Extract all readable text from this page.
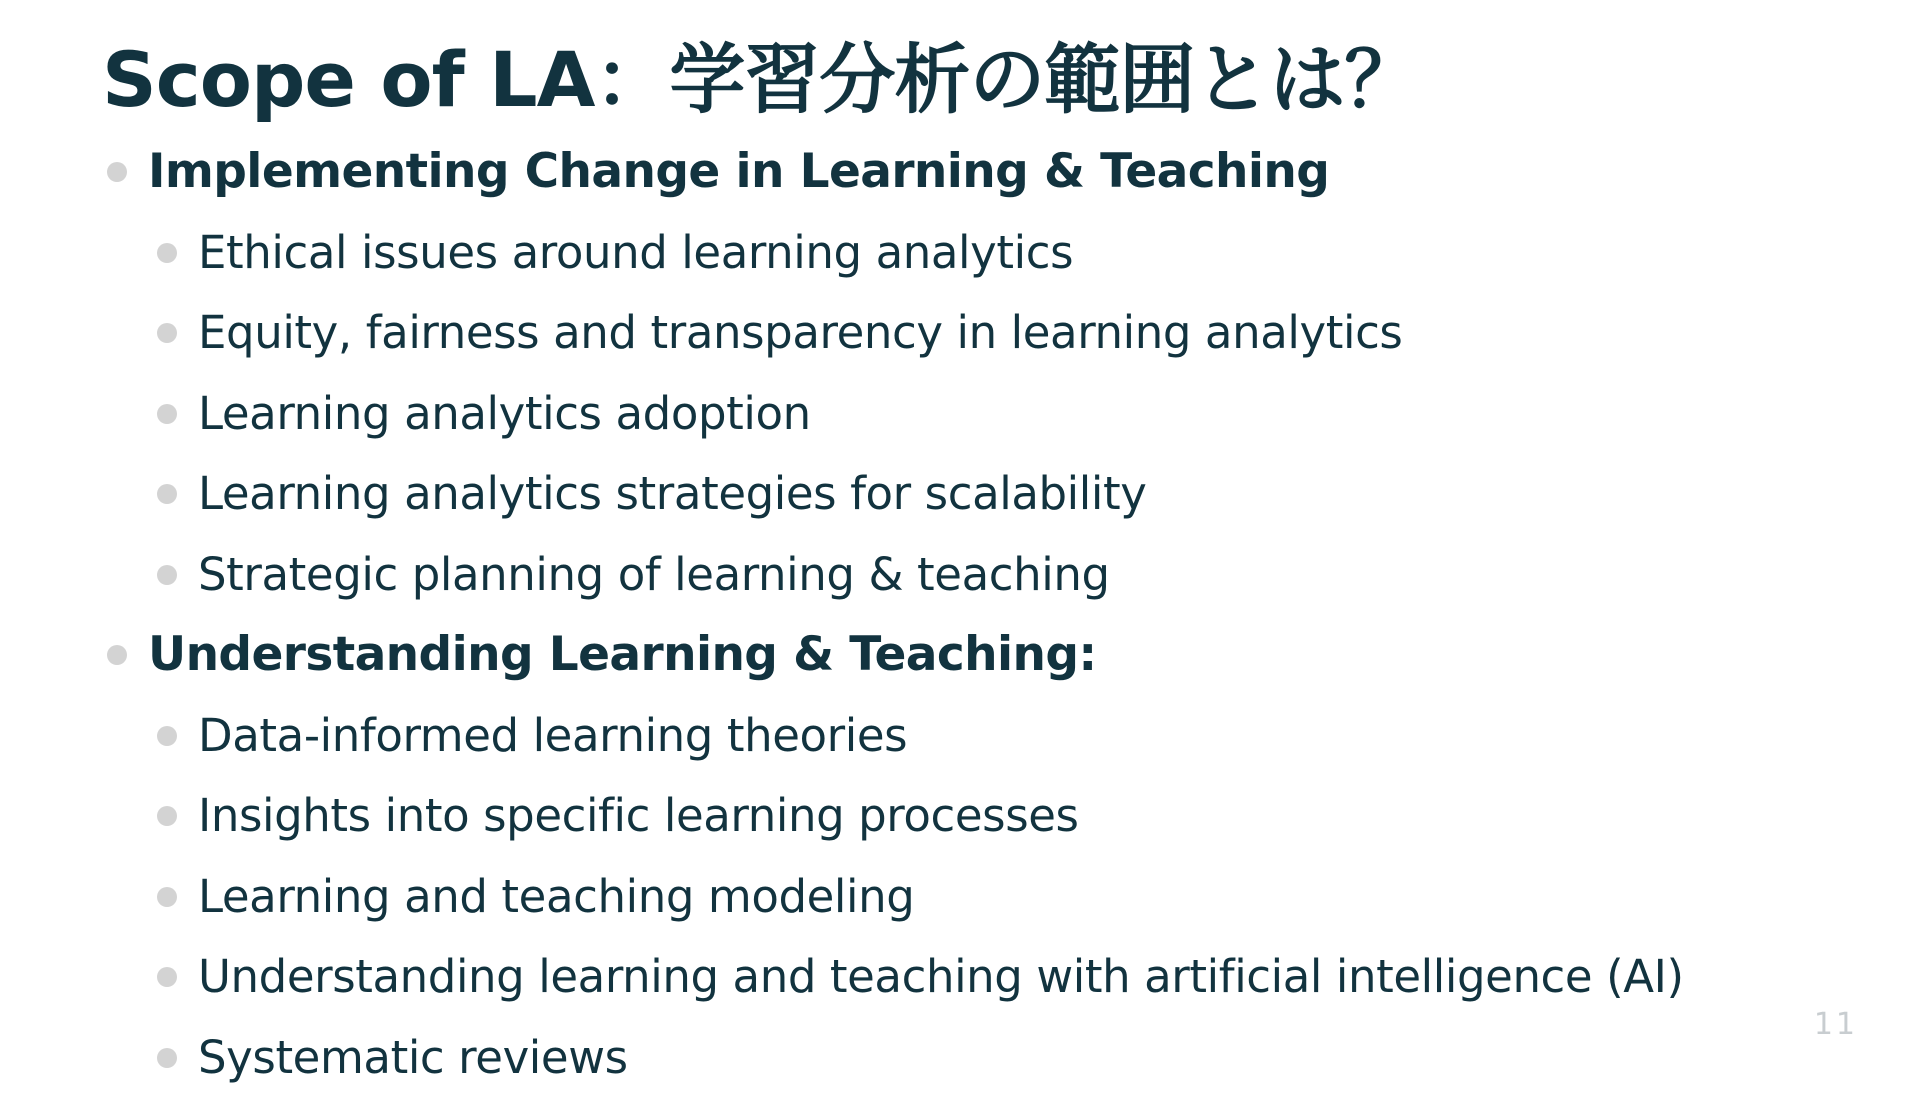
Scope of LA：学習分析の範囲とは？
Implementing Change in Learning & Teaching
Ethical issues around learning analytics
Equity, fairness and transparency in learning analytics
Learning analytics adoption
Learning analytics strategies for scalability
Strategic planning of learning & teaching
Understanding Learning & Teaching:
Data-informed learning theories
Insights into specific learning processes
Learning and teaching modeling
Understanding learning and teaching with artificial intelligence (AI)
Systematic reviews
11
